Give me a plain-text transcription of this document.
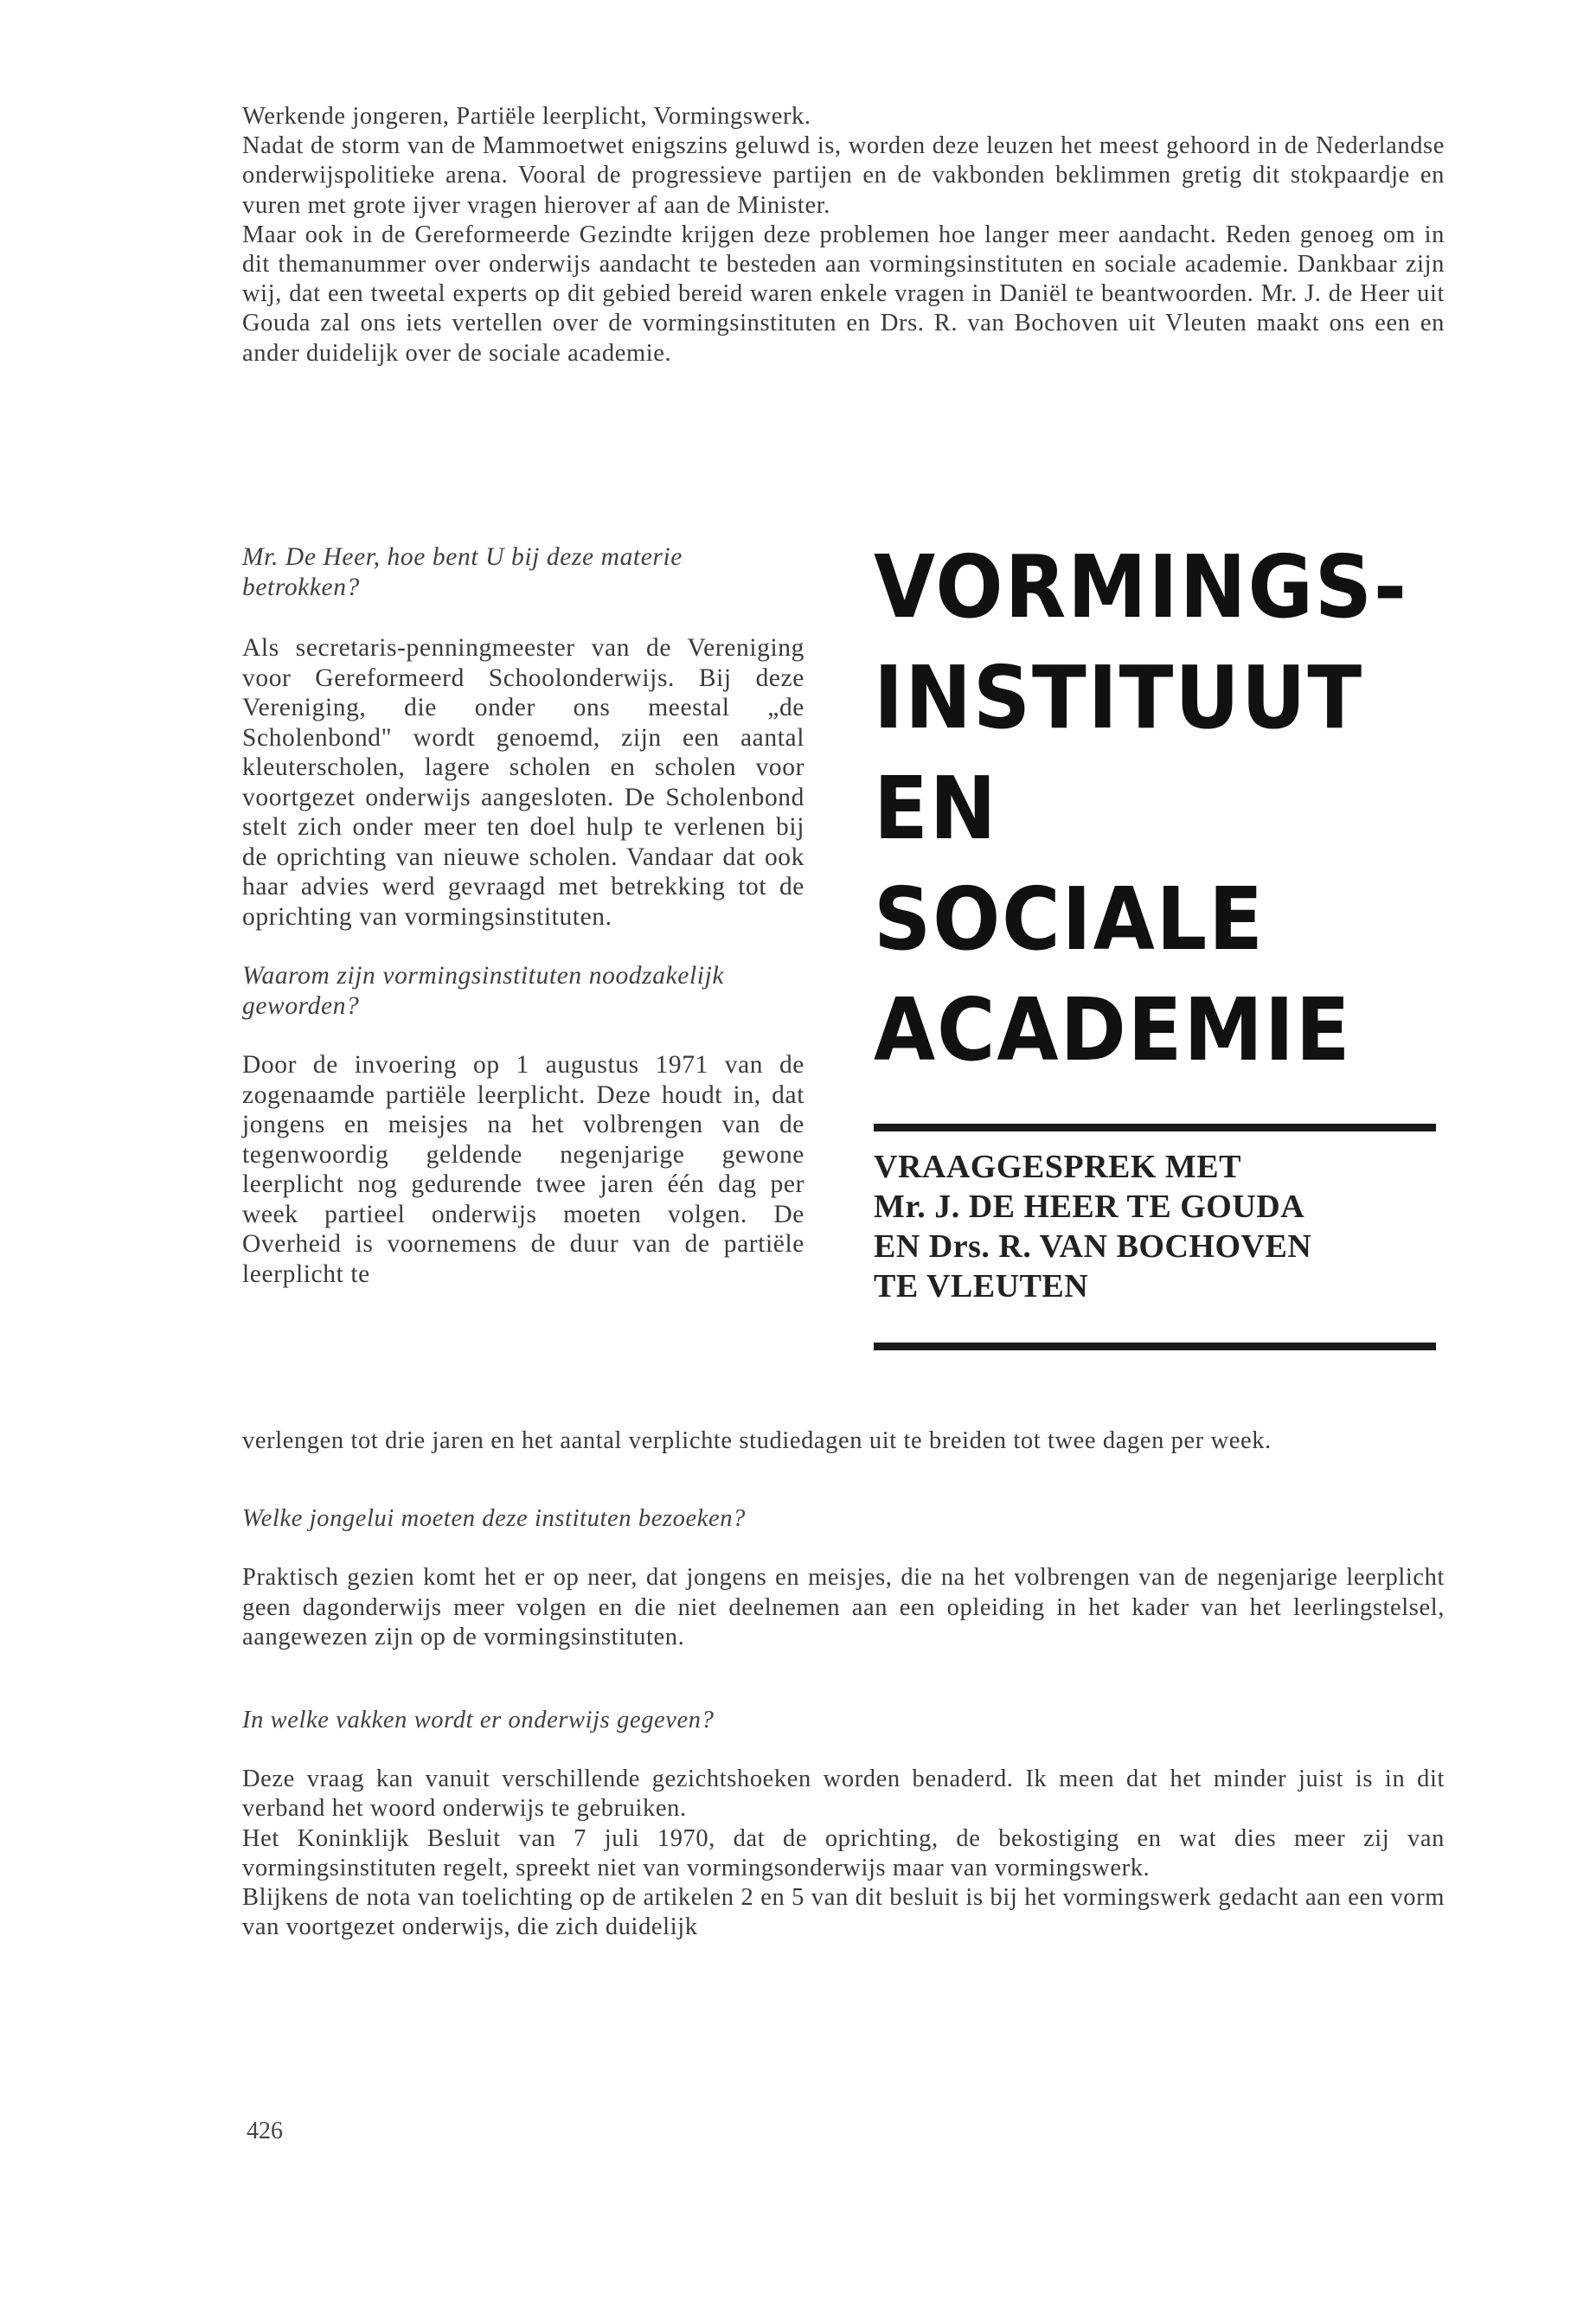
Werkende jongeren, Partiële leerplicht, Vormingswerk.

Nadat de storm van de Mammoetwet enigszins geluwd is, worden deze leuzen het meest gehoord in de Nederlandse onderwijspolitieke arena. Vooral de progressieve partijen en de vakbonden beklimmen gretig dit stokpaardje en vuren met grote ijver vragen hierover af aan de Minister.

Maar ook in de Gereformeerde Gezindte krijgen deze problemen hoe langer meer aandacht. Reden genoeg om in dit themanummer over onderwijs aandacht te besteden aan vormingsinstituten en sociale academie. Dankbaar zijn wij, dat een tweetal experts op dit gebied bereid waren enkele vragen in Daniël te beantwoorden. Mr. J. de Heer uit Gouda zal ons iets vertellen over de vormingsinstituten en Drs. R. van Bochoven uit Vleuten maakt ons een en ander duidelijk over de sociale academie.

Mr. De Heer, hoe bent U bij deze materie betrokken?

Als secretaris-penningmeester van de Vereniging voor Gereformeerd Schoolonderwijs. Bij deze Vereniging, die onder ons meestal „de Scholenbond" wordt genoemd, zijn een aantal kleuterscholen, lagere scholen en scholen voor voortgezet onderwijs aangesloten. De Scholenbond stelt zich onder meer ten doel hulp te verlenen bij de oprichting van nieuwe scholen. Vandaar dat ook haar advies werd gevraagd met betrekking tot de oprichting van vormingsinstituten.

Waarom zijn vormingsinstituten noodzakelijk geworden?

Door de invoering op 1 augustus 1971 van de zogenaamde partiële leerplicht. Deze houdt in, dat jongens en meisjes na het volbrengen van de tegenwoordig geldende negenjarige gewone leerplicht nog gedurende twee jaren één dag per week partieel onderwijs moeten volgen. De Overheid is voornemens de duur van de partiële leerplicht te

VORMINGS-
INSTITUUT
EN
SOCIALE
ACADEMIE
VRAAGGESPREK MET
Mr. J. DE HEER TE GOUDA
EN Drs. R. VAN BOCHOVEN
TE VLEUTEN

verlengen tot drie jaren en het aantal verplichte studiedagen uit te breiden tot twee dagen per week.

Welke jongelui moeten deze instituten bezoeken?

Praktisch gezien komt het er op neer, dat jongens en meisjes, die na het volbrengen van de negenjarige leerplicht geen dagonderwijs meer volgen en die niet deelnemen aan een opleiding in het kader van het leerlingstelsel, aangewezen zijn op de vormingsinstituten.

In welke vakken wordt er onderwijs gegeven?

Deze vraag kan vanuit verschillende gezichtshoeken worden benaderd. Ik meen dat het minder juist is in dit verband het woord onderwijs te gebruiken.

Het Koninklijk Besluit van 7 juli 1970, dat de oprichting, de bekostiging en wat dies meer zij van vormingsinstituten regelt, spreekt niet van vormingsonderwijs maar van vormingswerk.

Blijkens de nota van toelichting op de artikelen 2 en 5 van dit besluit is bij het vormingswerk gedacht aan een vorm van voortgezet onderwijs, die zich duidelijk

426
